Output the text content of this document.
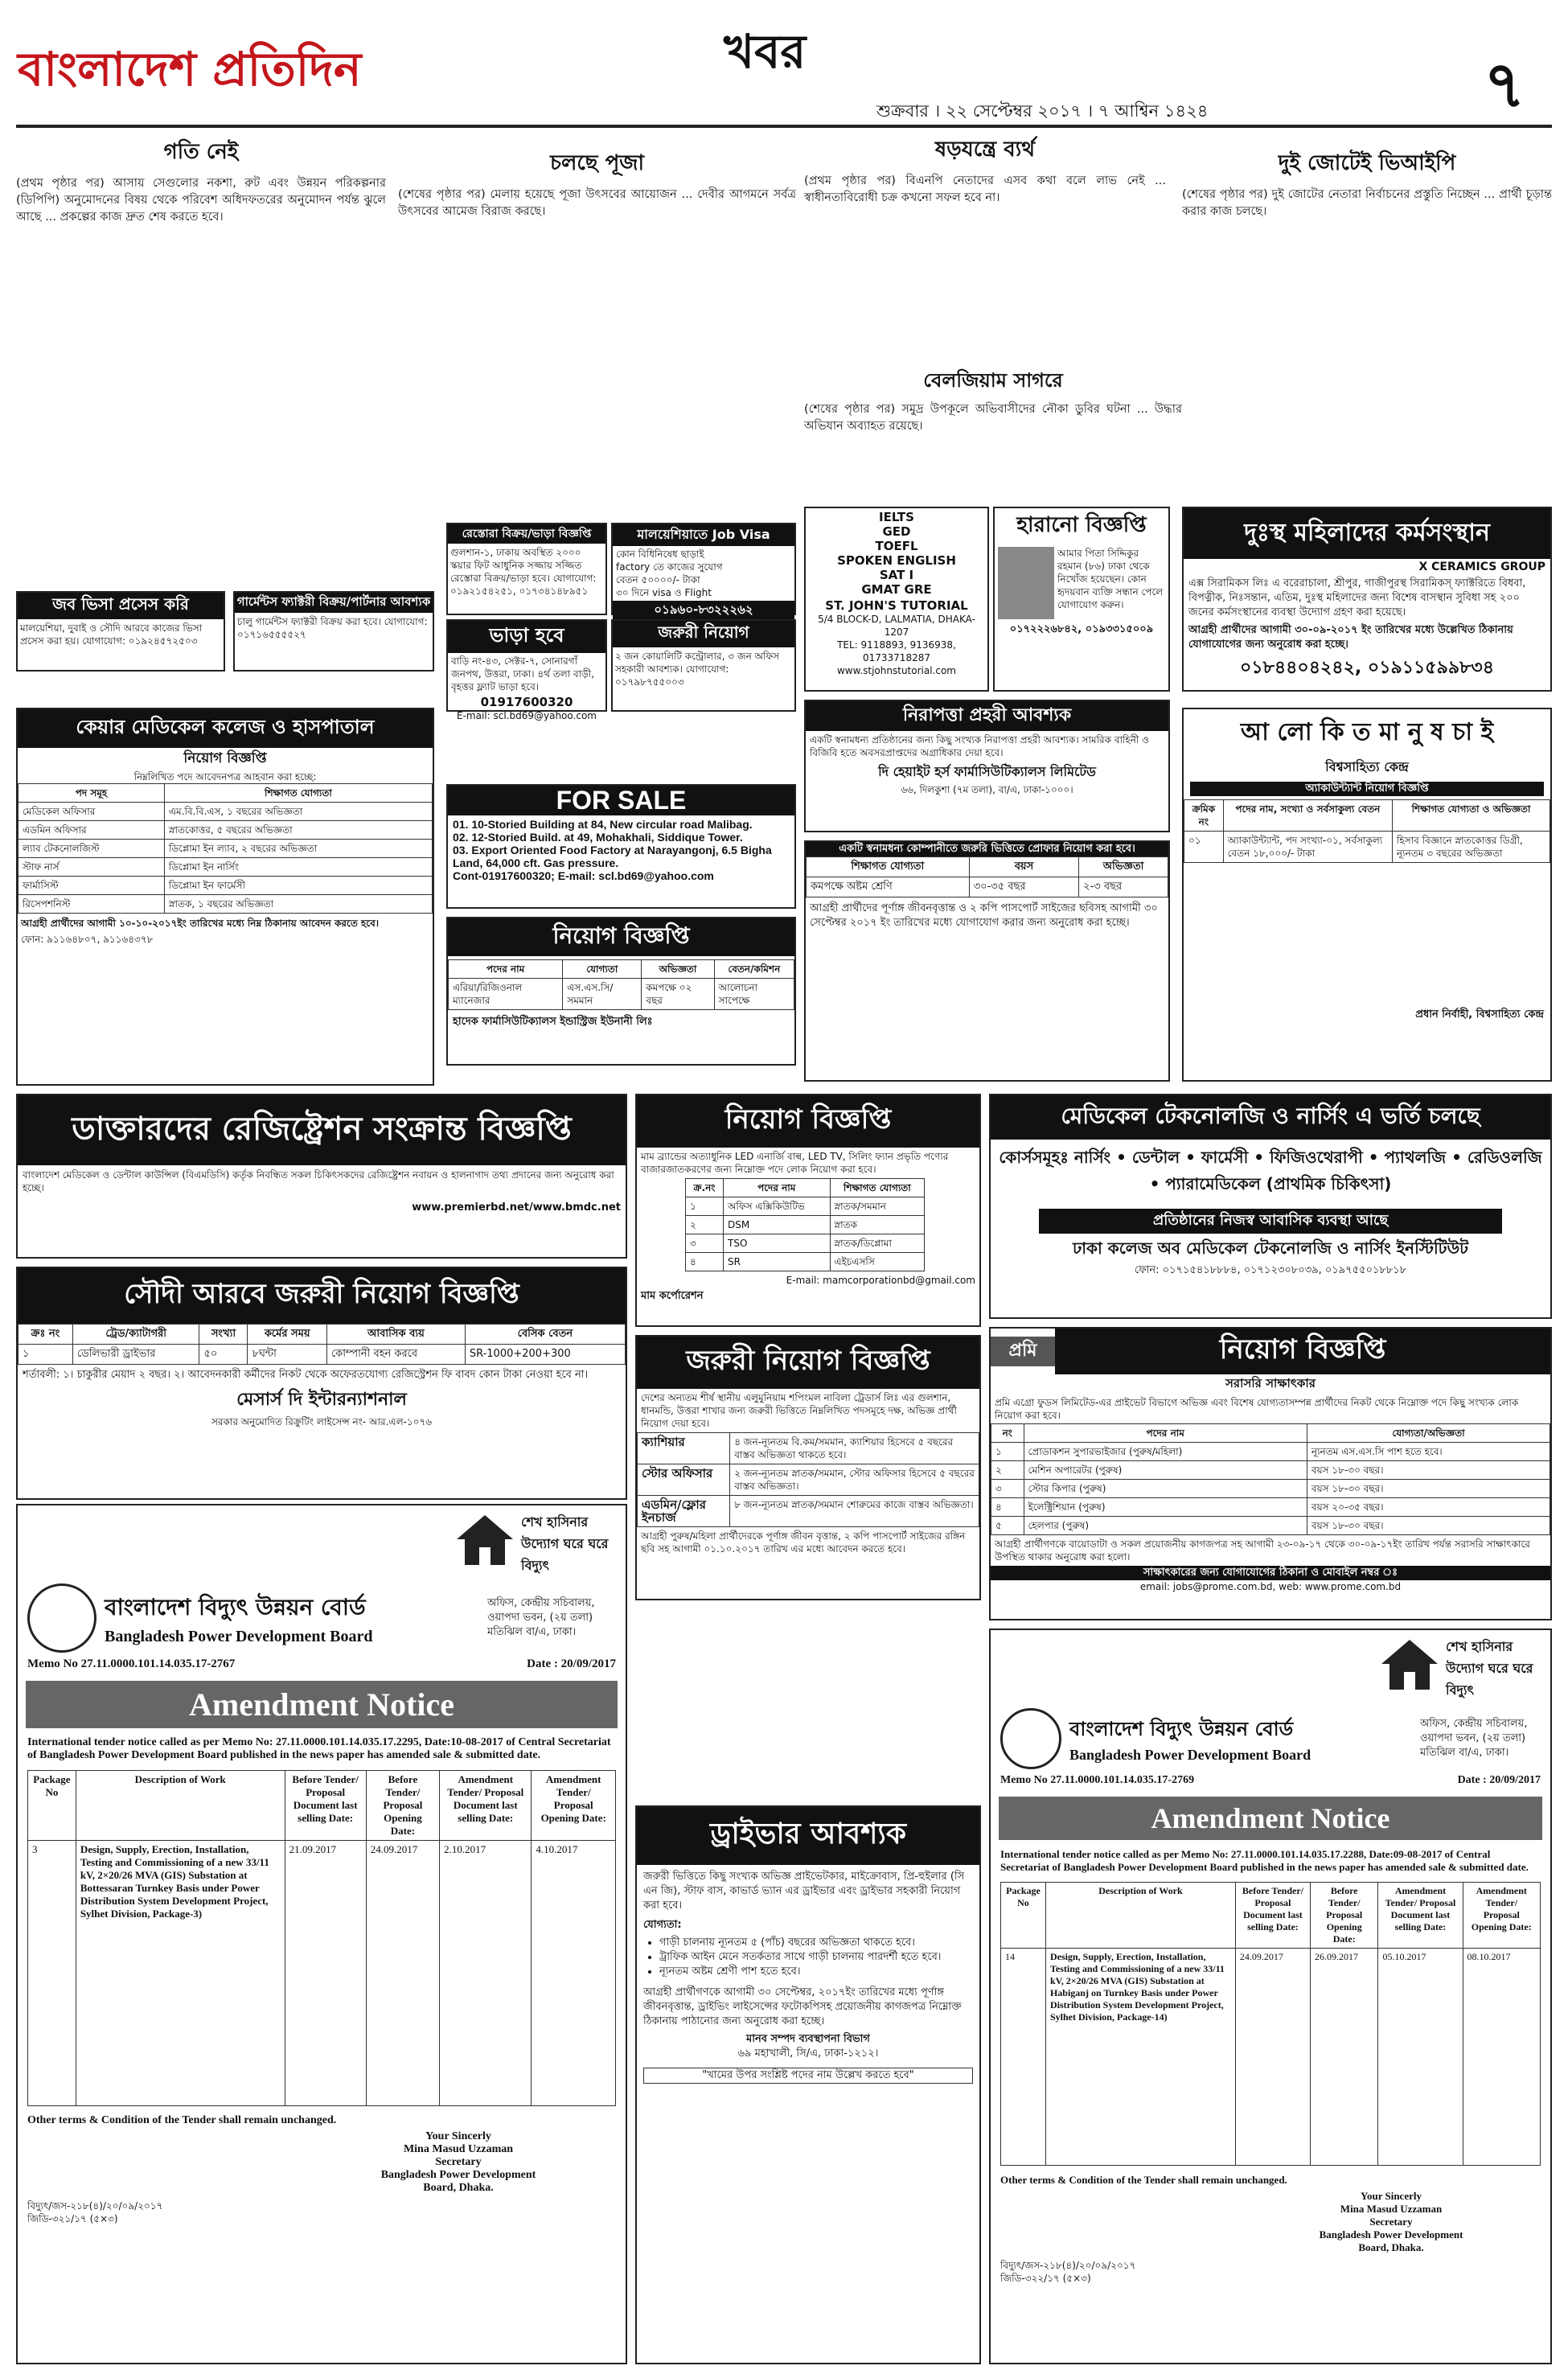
বাংলাদেশ প্রতিদিন	খবর
শুক্রবার । ২২ সেপ্টেম্বর ২০১৭ । ৭ আশ্বিন ১৪২৪	৭
গতি নেই
(প্রথম পৃষ্ঠার পর) আসায় সেগুলোর নকশা, রুট এবং উন্নয়ন পরিকল্পনার (ডিপিপি) অনুমোদনের বিষয় থেকে পরিবেশ অধিদফতরের অনুমোদন পর্যন্ত ঝুলে আছে ... প্রকল্পের কাজ দ্রুত শেষ করতে হবে।
চলছে পূজা
(শেষের পৃষ্ঠার পর) মেলায় হয়েছে পূজা উৎসবের আয়োজন ... দেবীর আগমনে সর্বত্র উৎসবের আমেজ বিরাজ করছে।
ষড়যন্ত্রে ব্যর্থ
(প্রথম পৃষ্ঠার পর) বিএনপি নেতাদের এসব কথা বলে লাভ নেই ... স্বাধীনতাবিরোধী চক্র কখনো সফল হবে না।
বেলজিয়াম সাগরে
(শেষের পৃষ্ঠার পর) সমুদ্র উপকূলে অভিবাসীদের নৌকা ডুবির ঘটনা ... উদ্ধার অভিযান অব্যাহত রয়েছে।
দুই জোটেই ভিআইপি
(শেষের পৃষ্ঠার পর) দুই জোটের নেতারা নির্বাচনের প্রস্তুতি নিচ্ছেন ... প্রার্থী চূড়ান্ত করার কাজ চলছে।
জব ভিসা প্রসেস করি
মালয়েশিয়া, দুবাই ও সৌদি আরবে কাজের ভিসা প্রসেস করা হয়। যোগাযোগ: ০১৯২৪৫৭২৫০৩
গার্মেন্টস ফ্যাক্টরী বিক্রয়/পার্টনার আবশ্যক
চালু গার্মেন্টস ফ্যাক্টরী বিক্রয় করা হবে। যোগাযোগ: ০১৭১৬৫৫৫৫২৭
রেস্তোরা বিক্রয়/ভাড়া বিজ্ঞপ্তি
গুলশান-১, ঢাকায় অবস্থিত ২০০০ স্কয়ার ফিট আধুনিক সজ্জায় সজ্জিত রেস্তোরা বিক্রয়/ভাড়া হবে। যোগাযোগ: ০১৯২১৫৪২৫১, ০১৭৩৪১৪৮৯৫১
মালয়েশিয়াতে Job Visa
কোন বিধিনিষেধ ছাড়াই
factory তে কাজের সুযোগ
বেতন ৫০০০০/- টাকা
৩০ দিনে visa ও Flight
০১৯৬০-৮৩২২২৬২
ভাড়া হবে
বাড়ি নং-৪৩, সেক্টর-৭, সোনারগাঁ জনপথ, উত্তরা, ঢাকা। ৪র্থ তলা বাড়ী, বৃহত্তর ফ্ল্যাট ভাড়া হবে।
01917600320
E-mail: scl.bd69@yahoo.com
জরুরী নিয়োগ
২ জন কোয়ালিটি কন্ট্রোলার, ৩ জন অফিস সহকারী আবশ্যক। যোগাযোগ: ০১৭৯৮৭৫৫০০৩
IELTS
GED
TOEFL
SPOKEN ENGLISH
SAT I
GMAT GRE
ST. JOHN'S TUTORIAL
5/4 BLOCK-D, LALMATIA, DHAKA-1207
TEL: 9118893, 9136938, 01733718287
www.stjohnstutorial.com
হারানো বিজ্ঞপ্তি
আমার পিতা সিদ্দিকুর রহমান (৮৬) ঢাকা থেকে নিখোঁজ হয়েছেন। কোন হৃদয়বান ব্যক্তি সন্ধান পেলে যোগাযোগ করুন।
০১৭২২২৬৮৪২, ০১৯৩৩১৫০০৯
দুঃস্থ মহিলাদের কর্মসংস্থান
X CERAMICS GROUP
এক্স সিরামিকস লিঃ এ বরেরাচালা, শ্রীপুর, গাজীপুরস্থ সিরামিকস্ ফ্যাক্টরিতে বিধবা, বিপত্নীক, নিঃসন্তান, এতিম, দুঃস্থ মহিলাদের জন্য বিশেষ বাসস্থান সুবিধা সহ ২০০ জনের কর্মসংস্থানের ব্যবস্থা উদ্যোগ গ্রহণ করা হয়েছে।
আগ্রহী প্রার্থীদের আগামী ৩০-০৯-২০১৭ ইং তারিখের মধ্যে উল্লেখিত ঠিকানায় যোগাযোগের জন্য অনুরোধ করা হচ্ছে।
০১৮৪৪০৪২৪২, ০১৯১১৫৯৯৮৩৪
কেয়ার মেডিকেল কলেজ ও হাসপাতাল
নিয়োগ বিজ্ঞপ্তি
নিম্নলিখিত পদে আবেদনপত্র আহবান করা হচ্ছে:
পদ সমূহ	শিক্ষাগত যোগ্যতা
মেডিকেল অফিসার	এম.বি.বি.এস, ১ বছরের অভিজ্ঞতা
এডমিন অফিসার	স্নাতকোত্তর, ৫ বছরের অভিজ্ঞতা
ল্যাব টেকনোলজিস্ট	ডিপ্লোমা ইন ল্যাব, ২ বছরের অভিজ্ঞতা
স্টাফ নার্স	ডিপ্লোমা ইন নার্সিং
ফার্মাসিস্ট	ডিপ্লোমা ইন ফার্মেসী
রিসেপশনিস্ট	স্নাতক, ১ বছরের অভিজ্ঞতা
আগ্রহী প্রার্থীদের আগামী ১০-১০-২০১৭ইং তারিখের মধ্যে নিম্ন ঠিকানায় আবেদন করতে হবে।
ফোন: ৯১১৬৪৮০৭, ৯১১৬৪৩৭৮
FOR SALE
01. 10-Storied Building at 84, New circular road Malibag.
02. 12-Storied Build. at 49, Mohakhali, Siddique Tower.
03. Export Oriented Food Factory at Narayangonj, 6.5 Bigha Land, 64,000 cft. Gas pressure.
Cont-01917600320; E-mail: scl.bd69@yahoo.com
নিয়োগ বিজ্ঞপ্তি
পদের নাম	যোগ্যতা	অভিজ্ঞতা	বেতন/কমিশন
এরিয়া/রিজিওনাল ম্যানেজার	এস.এস.সি/সমমান	কমপক্ষে ০২ বছর	আলোচনা সাপেক্ষে
হাদেক ফার্মাসিউটিক্যালস ইন্ডাস্ট্রিজ ইউনানী লিঃ
নিরাপত্তা প্রহরী আবশ্যক
একটি স্বনামধন্য প্রতিষ্ঠানের জন্য কিছু সংখ্যক নিরাপত্তা প্রহরী আবশ্যক। সামরিক বাহিনী ও বিজিবি হতে অবসরপ্রাপ্তদের অগ্রাধিকার দেয়া হবে।
দি হেয়াইট হর্স ফার্মাসিউটিক্যালস লিমিটেড
৬৬, দিলকুশা (৭ম তলা), বা/এ, ঢাকা-১০০০।
একটি স্বনামধন্য কোম্পানীতে জরুরি ভিত্তিতে প্রোফার নিয়োগ করা হবে।
শিক্ষাগত যোগ্যতা	বয়স	অভিজ্ঞতা
কমপক্ষে অষ্টম শ্রেণি	৩০-৩৫ বছর	২-৩ বছর
আগ্রহী প্রার্থীদের পূর্ণাঙ্গ জীবনবৃত্তান্ত ও ২ কপি পাসপোর্ট সাইজের ছবিসহ আগামী ৩০ সেপ্টেম্বর ২০১৭ ইং তারিখের মধ্যে যোগাযোগ করার জন্য অনুরোধ করা হচ্ছে।
আ লো কি ত মা নু ষ চা ই
বিশ্বসাহিত্য কেন্দ্র
অ্যাকাউন্ট্যান্ট নিয়োগ বিজ্ঞপ্তি
ক্রমিক নং	পদের নাম, সংখ্যা ও সর্বসাকুল্য বেতন	শিক্ষাগত যোগ্যতা ও অভিজ্ঞতা
০১	অ্যাকাউন্ট্যান্ট, পদ সংখ্যা-০১, সর্বসাকুল্য বেতন ১৮,০০০/- টাকা	হিসাব বিজ্ঞানে স্নাতকোত্তর ডিগ্রী, ন্যূনতম ৩ বছরের অভিজ্ঞতা
প্রধান নির্বাহী, বিশ্বসাহিত্য কেন্দ্র
ডাক্তারদের রেজিষ্ট্রেশন সংক্রান্ত বিজ্ঞপ্তি
বাংলাদেশ মেডিকেল ও ডেন্টাল কাউন্সিল (বিএমডিসি) কর্তৃক নিবন্ধিত সকল চিকিৎসকদের রেজিষ্ট্রেশন নবায়ন ও হালনাগাদ তথ্য প্রদানের জন্য অনুরোধ করা হচ্ছে।
www.premierbd.net/www.bmdc.net
সৌদী আরবে জরুরী নিয়োগ বিজ্ঞপ্তি
ক্রঃ নং	ট্রেড/ক্যাটাগরী	সংখ্যা	কর্মের সময়	আবাসিক ব্যয়	বেসিক বেতন
১	ডেলিভারী ড্রাইভার	৫০	৮ঘন্টা	কোম্পানী বহন করবে	SR-1000+200+300
শর্তাবলী: ১। চাকুরীর মেয়াদ ২ বছর। ২। আবেদনকারী কর্মীদের নিকট থেকে অফেরতযোগ্য রেজিস্ট্রেশন ফি বাবদ কোন টাকা নেওয়া হবে না।
মেসার্স দি ইন্টারন্যাশনাল
সরকার অনুমোদিত রিক্রুটিং লাইসেন্স নং- আর.এল-১০৭৬
নিয়োগ বিজ্ঞপ্তি
মাম ব্র্যান্ডের অত্যাধুনিক LED এনার্জি বাল্ব, LED TV, সিলিং ফ্যান প্রভৃতি পণ্যের বাজারজাতকরণের জন্য নিম্নোক্ত পদে লোক নিয়োগ করা হবে।
ক্র.নং	পদের নাম	শিক্ষাগত যোগ্যতা
১	অফিস এক্সিকিউটিভ	স্নাতক/সমমান
২	DSM	স্নাতক
৩	TSO	স্নাতক/ডিপ্লোমা
৪	SR	এইচএসসি
E-mail: mamcorporationbd@gmail.com
মাম কর্পোরেশন
জরুরী নিয়োগ বিজ্ঞপ্তি
দেশের অন্যতম শীর্ষ স্থানীয় এলুমুনিয়াম শপিংমল নাবিলা ট্রেডার্স লিঃ এর গুলশান, ধানমন্ডি, উত্তরা শাখার জন্য জরুরী ভিত্তিতে নিম্নলিখিত পদসমূহে দক্ষ, অভিজ্ঞ প্রার্থী নিয়োগ দেয়া হবে।
ক্যাশিয়ার	৪ জন-ন্যূনতম বি.কম/সমমান, ক্যাশিয়ার হিসেবে ৫ বছরের বাস্তব অভিজ্ঞতা থাকতে হবে।
স্টোর অফিসার	২ জন-ন্যূনতম স্নাতক/সমমান, স্টোর অফিসার হিসেবে ৫ বছরের বাস্তব অভিজ্ঞতা।
এডমিন/ফ্লোর ইনচার্জ	৮ জন-ন্যূনতম স্নাতক/সমমান শোরুমের কাজে বাস্তব অভিজ্ঞতা।
আগ্রহী পুরুষ/মহিলা প্রার্থীদেরকে পূর্ণাঙ্গ জীবন বৃত্তান্ত, ২ কপি পাসপোর্ট সাইজের রঙ্গিন ছবি সহ আগামী ০১.১০.২০১৭ তারিখ এর মধ্যে আবেদন করতে হবে।
ড্রাইভার আবশ্যক
জরুরী ভিত্তিতে কিছু সংখ্যক অভিজ্ঞ প্রাইভেটকার, মাইক্রোবাস, প্রি-হুইলার (সি এন জি), স্টাফ বাস, কাভার্ড ভ্যান এর ড্রাইভার এবং ড্রাইভার সহকারী নিয়োগ করা হবে।
যোগ্যতা:
• গাড়ী চালনায় ন্যূনতম ৫ (পাঁচ) বছরের অভিজ্ঞতা থাকতে হবে।
• ট্রাফিক আইন মেনে সতর্কতার সাথে গাড়ী চালনায় পারদর্শী হতে হবে।
• ন্যূনতম অষ্টম শ্রেণী পাশ হতে হবে।
আগ্রহী প্রার্থীগণকে আগামী ৩০ সেপ্টেম্বর, ২০১৭ইং তারিখের মধ্যে পূর্ণাঙ্গ জীবনবৃত্তান্ত, ড্রাইভিং লাইসেন্সের ফটোকপিসহ প্রয়োজনীয় কাগজপত্র নিম্নোক্ত ঠিকানায় পাঠানোর জন্য অনুরোধ করা হচ্ছে।
মানব সম্পদ ব্যবস্থাপনা বিভাগ
৬৯ মহাখালী, সি/এ, ঢাকা-১২১২।
"খামের উপর সংশ্লিষ্ট পদের নাম উল্লেখ করতে হবে"
মেডিকেল টেকনোলজি ও নার্সিং এ ভর্তি চলছে
কোর্সসমূহঃ নার্সিং • ডেন্টাল • ফার্মেসী • ফিজিওথেরাপী • প্যাথলজি • রেডিওলজি • প্যারামেডিকেল (প্রাথমিক চিকিৎসা)
প্রতিষ্ঠানের নিজস্ব আবাসিক ব্যবস্থা আছে
ঢাকা কলেজ অব মেডিকেল টেকনোলজি ও নার্সিং ইনস্টিটিউট
ফোন: ০১৭১৫৪১৮৮৮৪, ০১৭১২৩০৮০৩৯, ০১৯৭৫৫০১৮৮১৮
প্রমি	নিয়োগ বিজ্ঞপ্তি
সরাসরি সাক্ষাৎকার
প্রমি এগ্রো ফুডস লিমিটেড-এর প্রাইভেট বিভাগে অভিজ্ঞ এবং বিশেষ যোগ্যতাসম্পন্ন প্রার্থীদের নিকট থেকে নিম্নোক্ত পদে কিছু সংখ্যক লোক নিয়োগ করা হবে।
নং	পদের নাম	যোগ্যতা/অভিজ্ঞতা
১	প্রোডাকশন সুপারভাইজার (পুরুষ/মহিলা)	ন্যূনতম এস.এস.সি পাশ হতে হবে।
২	মেশিন অপারেটর (পুরুষ)	বয়স ১৮-৩০ বছর।
৩	স্টোর কিপার (পুরুষ)	বয়স ১৮-৩০ বছর।
৪	ইলেক্ট্রিশিয়ান (পুরুষ)	বয়স ২০-৩৫ বছর।
৫	হেলপার (পুরুষ)	বয়স ১৮-৩০ বছর।
আগ্রহী প্রার্থীগণকে বায়োডাটা ও সকল প্রয়োজনীয় কাগজপত্র সহ আগামী ২৩-০৯-১৭ থেকে ৩০-০৯-১৭ইং তারিখ পর্যন্ত সরাসরি সাক্ষাৎকারে উপস্থিত থাকার অনুরোধ করা হলো।
সাক্ষাৎকারের জন্য যোগাযোগের ঠিকানা ও মোবাইল নম্বর ঃ
email: jobs@prome.com.bd, web: www.prome.com.bd
শেখ হাসিনার উদ্যোগ ঘরে ঘরে বিদ্যুৎ
বাংলাদেশ বিদ্যুৎ উন্নয়ন বোর্ড
Bangladesh Power Development Board
অফিস, কেন্দ্রীয় সচিবালয়, ওয়াপদা ভবন, (২য় তলা) মতিঝিল বা/এ, ঢাকা।
Memo No 27.11.0000.101.14.035.17-2767	Date : 20/09/2017
Amendment Notice
International tender notice called as per Memo No: 27.11.0000.101.14.035.17.2295, Date:10-08-2017 of Central Secretariat of Bangladesh Power Development Board published in the news paper has amended sale & submitted date.
Package No	Description of Work	Before Tender/ Proposal Document last selling Date:	Before Tender/ Proposal Opening Date:	Amendment Tender/ Proposal Document last selling Date:	Amendment Tender/ Proposal Opening Date:
3	Design, Supply, Erection, Installation, Testing and Commissioning of a new 33/11 kV, 2×20/26 MVA (GIS) Substation at Bottessaran Turnkey Basis under Power Distribution System Development Project, Sylhet Division, Package-3)	21.09.2017	24.09.2017	2.10.2017	4.10.2017
Other terms & Condition of the Tender shall remain unchanged.
Your Sincerly
Mina Masud Uzzaman
Secretary
Bangladesh Power Development
Board, Dhaka.
বিদ্যুৎ/জস-২১৮(৪)/২০/০৯/২০১৭
জিডি-৩২১/১৭ (৫×৩)
শেখ হাসিনার উদ্যোগ ঘরে ঘরে বিদ্যুৎ
বাংলাদেশ বিদ্যুৎ উন্নয়ন বোর্ড
Bangladesh Power Development Board
অফিস, কেন্দ্রীয় সচিবালয়, ওয়াপদা ভবন, (২য় তলা) মতিঝিল বা/এ, ঢাকা।
Memo No 27.11.0000.101.14.035.17-2769	Date : 20/09/2017
Amendment Notice
International tender notice called as per Memo No: 27.11.0000.101.14.035.17.2288, Date:09-08-2017 of Central Secretariat of Bangladesh Power Development Board published in the news paper has amended sale & submitted date.
Package No	Description of Work	Before Tender/ Proposal Document last selling Date:	Before Tender/ Proposal Opening Date:	Amendment Tender/ Proposal Document last selling Date:	Amendment Tender/ Proposal Opening Date:
14	Design, Supply, Erection, Installation, Testing and Commissioning of a new 33/11 kV, 2×20/26 MVA (GIS) Substation at Habiganj on Turnkey Basis under Power Distribution System Development Project, Sylhet Division, Package-14)	24.09.2017	26.09.2017	05.10.2017	08.10.2017
Other terms & Condition of the Tender shall remain unchanged.
Your Sincerly
Mina Masud Uzzaman
Secretary
Bangladesh Power Development
Board, Dhaka.
বিদ্যুৎ/জস-২১৮(৪)/২০/০৯/২০১৭
জিডি-৩২২/১৭ (৫×৩)
